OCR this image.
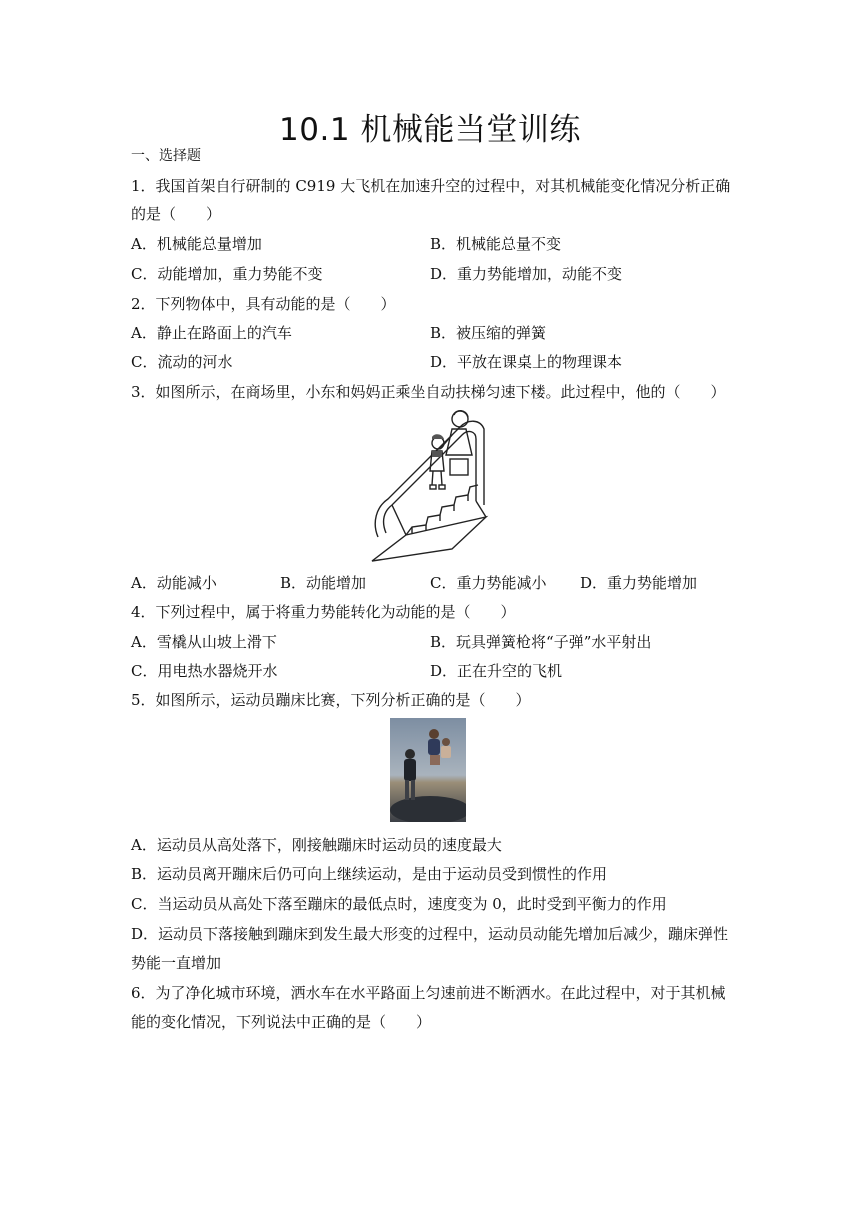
10.1 机械能当堂训练
一、选择题
1．我国首架自行研制的 C919 大飞机在加速升空的过程中，对其机械能变化情况分析正确
的是（　　）
A．机械能总量增加	B．机械能总量不变
C．动能增加，重力势能不变	D．重力势能增加，动能不变
2．下列物体中，具有动能的是（　　）
A．静止在路面上的汽车	B．被压缩的弹簧
C．流动的河水	D．平放在课桌上的物理课本
3．如图所示，在商场里，小东和妈妈正乘坐自动扶梯匀速下楼。此过程中，他的（　　）
A．动能减小	B．动能增加	C．重力势能减小 D．重力势能增加
4．下列过程中，属于将重力势能转化为动能的是（　　）
A．雪橇从山坡上滑下	B．玩具弹簧枪将“子弹”水平射出
C．用电热水器烧开水	D．正在升空的飞机
5．如图所示，运动员蹦床比赛，下列分析正确的是（　　）
A．运动员从高处落下，刚接触蹦床时运动员的速度最大
B．运动员离开蹦床后仍可向上继续运动，是由于运动员受到惯性的作用
C．当运动员从高处下落至蹦床的最低点时，速度变为 0，此时受到平衡力的作用
D．运动员下落接触到蹦床到发生最大形变的过程中，运动员动能先增加后减少，蹦床弹性
势能一直增加
6．为了净化城市环境，洒水车在水平路面上匀速前进不断洒水。在此过程中，对于其机械
能的变化情况，下列说法中正确的是（　　）
